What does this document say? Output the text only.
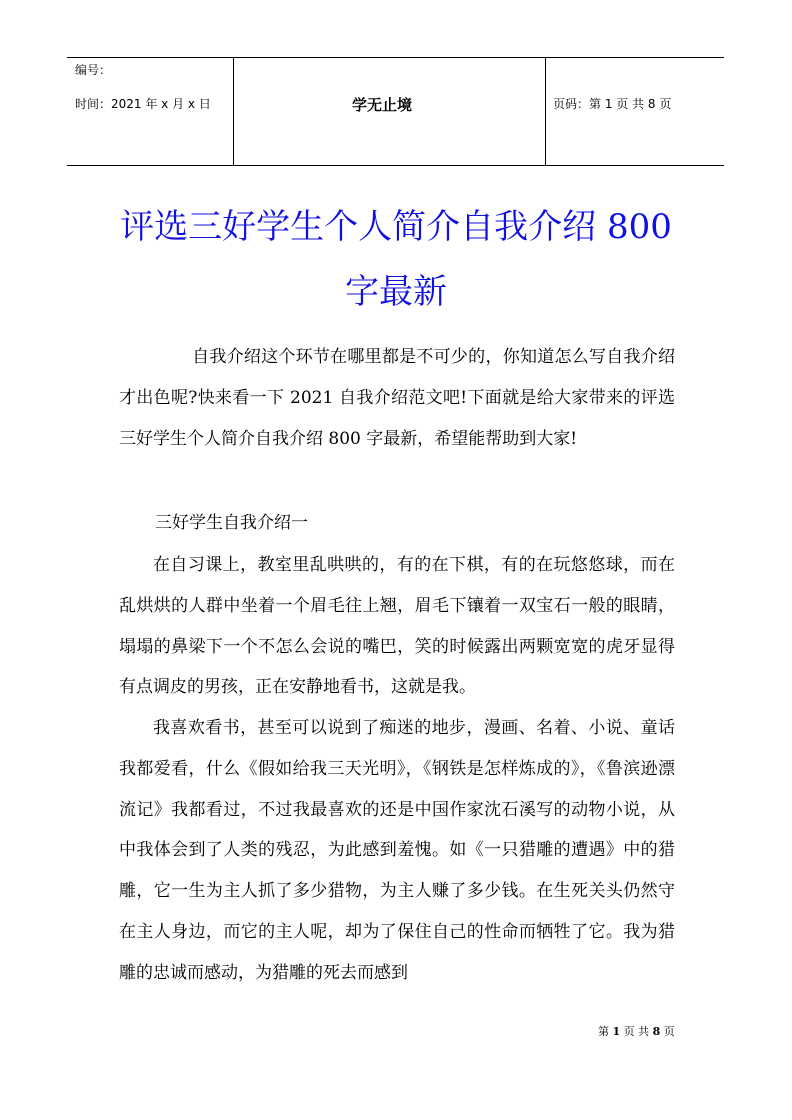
编号：
时间：2021 年 x 月 x 日	学无止境	页码：第 1 页 共 8 页
评选三好学生个人简介自我介绍 800
字最新

自我介绍这个环节在哪里都是不可少的，你知道怎么写自我介绍才出色呢?快来看一下 2021 自我介绍范文吧!下面就是给大家带来的评选三好学生个人简介自我介绍 800 字最新，希望能帮助到大家!

三好学生自我介绍一

在自习课上，教室里乱哄哄的，有的在下棋，有的在玩悠悠球，而在乱烘烘的人群中坐着一个眉毛往上翘，眉毛下镶着一双宝石一般的眼睛，塌塌的鼻梁下一个不怎么会说的嘴巴，笑的时候露出两颗宽宽的虎牙显得有点调皮的男孩，正在安静地看书，这就是我。

我喜欢看书，甚至可以说到了痴迷的地步，漫画、名着、小说、童话我都爱看，什么《假如给我三天光明》，《钢铁是怎样炼成的》，《鲁滨逊漂流记》我都看过，不过我最喜欢的还是中国作家沈石溪写的动物小说，从中我体会到了人类的残忍，为此感到羞愧。如《一只猎雕的遭遇》中的猎雕，它一生为主人抓了多少猎物，为主人赚了多少钱。在生死关头仍然守在主人身边，而它的主人呢，却为了保住自己的性命而牺牲了它。我为猎雕的忠诚而感动，为猎雕的死去而感到

第 1 页 共 8 页
